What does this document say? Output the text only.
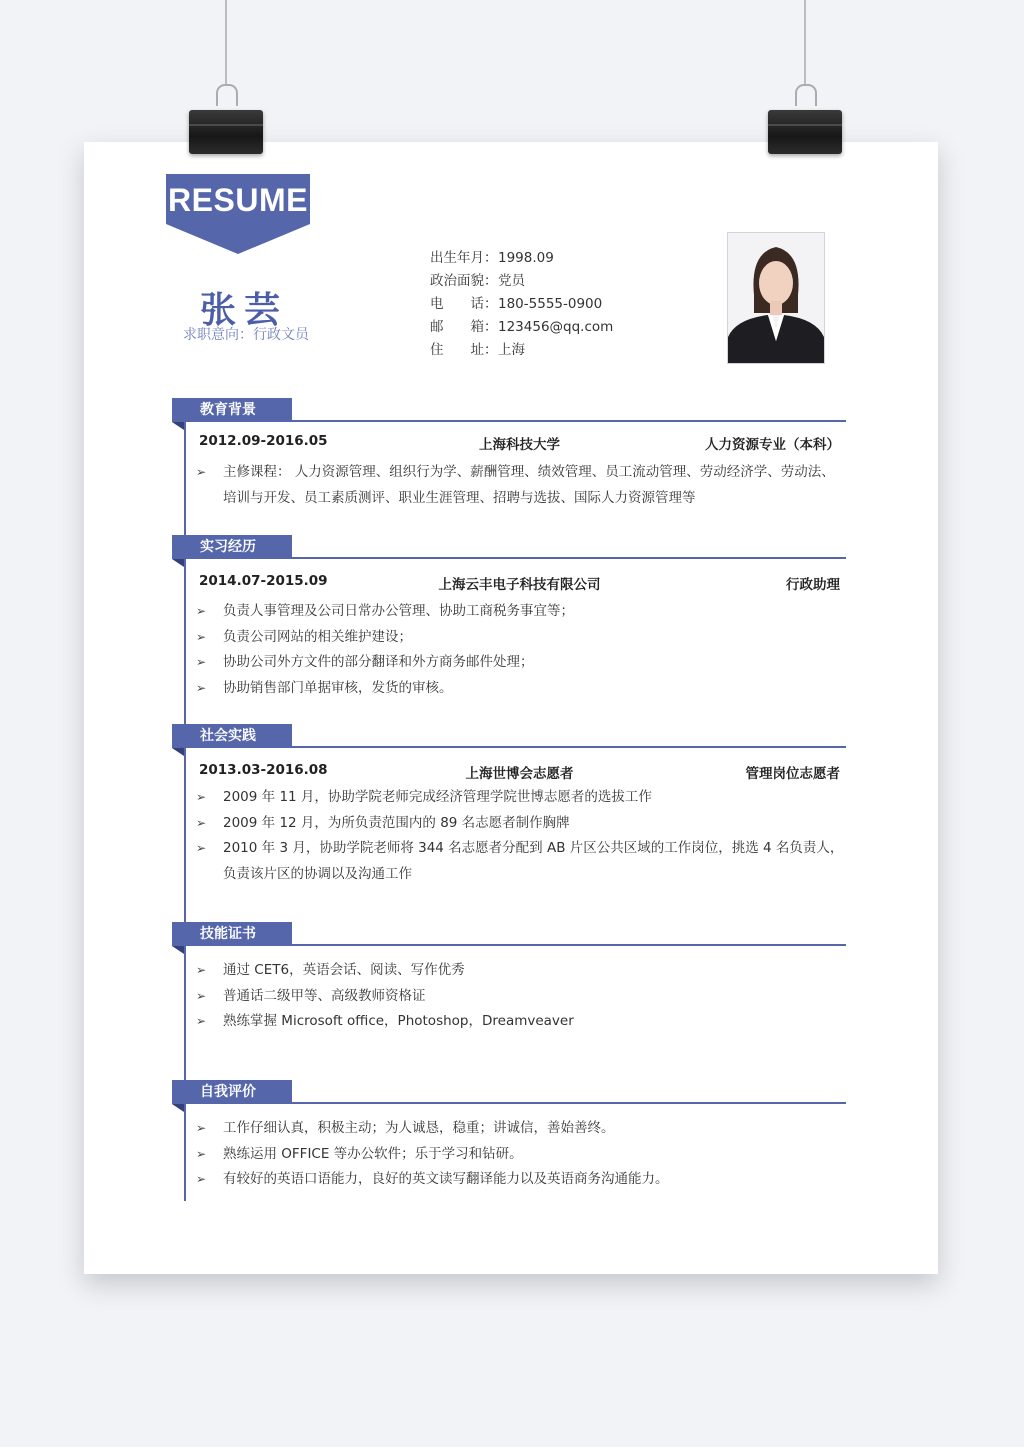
RESUME
张芸
求职意向：行政文员
出生年月：1998.09
政治面貌：党员
电　　话：180-5555-0900
邮　　箱：123456@qq.com
住　　址：上海
教育背景
2012.09-2016.05	上海科技大学	人力资源专业（本科）
➢ 主修课程： 人力资源管理、组织行为学、薪酬管理、绩效管理、员工流动管理、劳动经济学、劳动法、培训与开发、员工素质测评、职业生涯管理、招聘与选拔、国际人力资源管理等
实习经历
2014.07-2015.09	上海云丰电子科技有限公司	行政助理
➢ 负责人事管理及公司日常办公管理、协助工商税务事宜等；
➢ 负责公司网站的相关维护建设；
➢ 协助公司外方文件的部分翻译和外方商务邮件处理；
➢ 协助销售部门单据审核，发货的审核。
社会实践
2013.03-2016.08	上海世博会志愿者	管理岗位志愿者
➢ 2009 年 11 月，协助学院老师完成经济管理学院世博志愿者的选拔工作
➢ 2009 年 12 月，为所负责范围内的 89 名志愿者制作胸牌
➢ 2010 年 3 月，协助学院老师将 344 名志愿者分配到 AB 片区公共区域的工作岗位，挑选 4 名负责人，负责该片区的协调以及沟通工作
技能证书
➢ 通过 CET6，英语会话、阅读、写作优秀
➢ 普通话二级甲等、高级教师资格证
➢ 熟练掌握 Microsoft office，Photoshop，Dreamveaver
自我评价
➢ 工作仔细认真，积极主动；为人诚恳，稳重；讲诚信，善始善终。
➢ 熟练运用 OFFICE 等办公软件；乐于学习和钻研。
➢ 有较好的英语口语能力，良好的英文读写翻译能力以及英语商务沟通能力。
